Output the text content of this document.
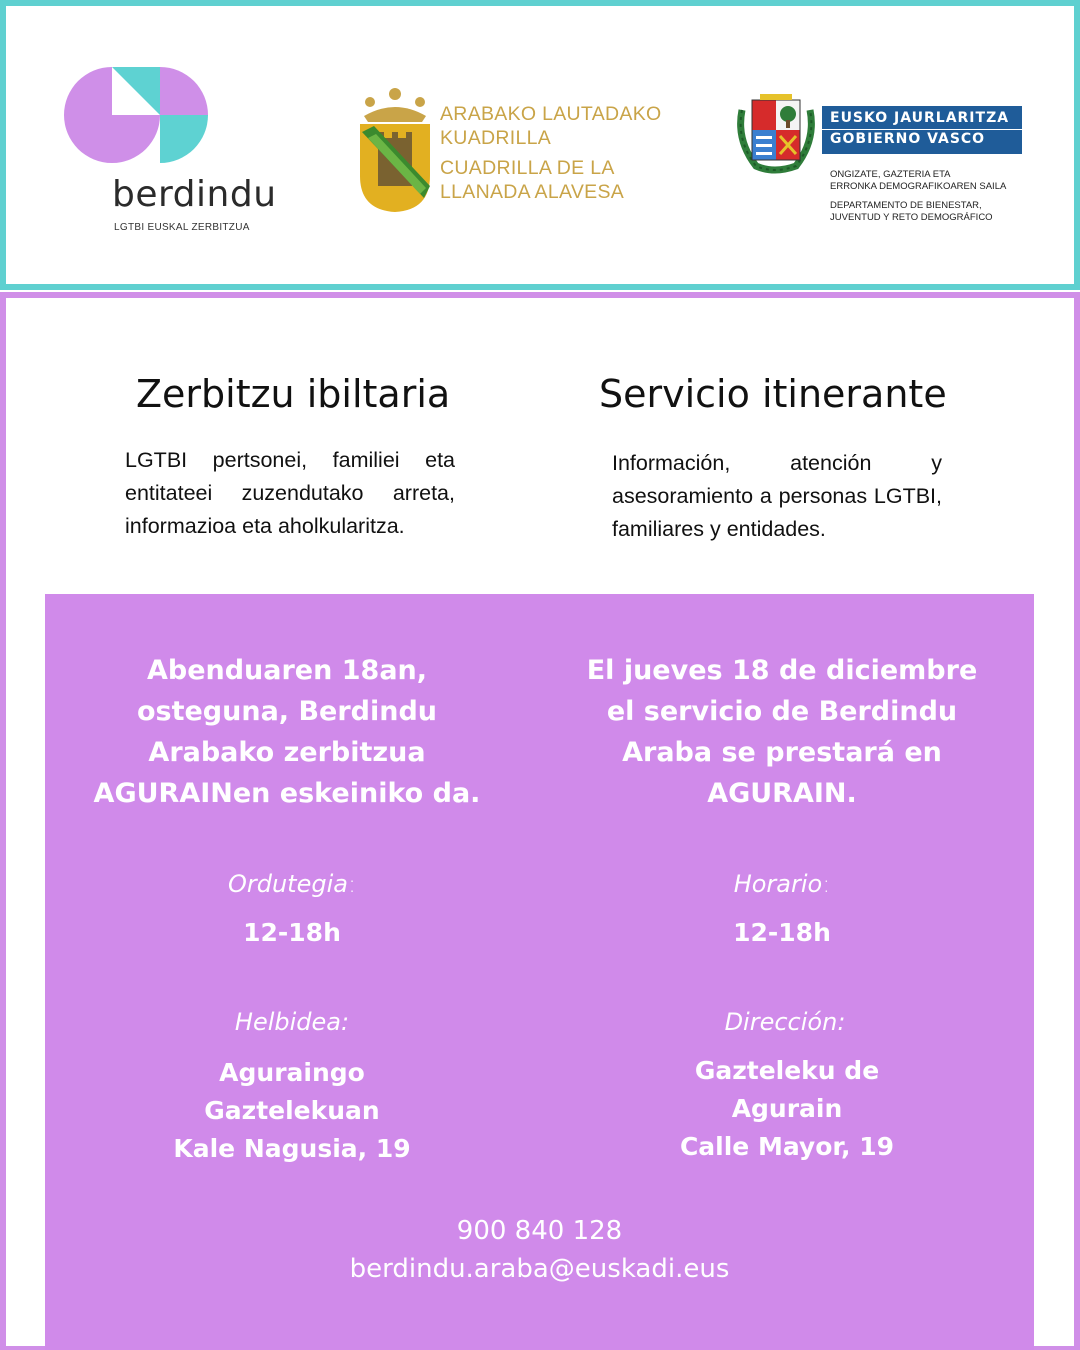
berdindu
LGTBI EUSKAL ZERBITZUA
ARABAKO LAUTADAKO
KUADRILLA
CUADRILLA DE LA
LLANADA ALAVESA
EUSKO JAURLARITZA
GOBIERNO VASCO
ONGIZATE, GAZTERIA ETA
ERRONKA DEMOGRAFIKOAREN SAILA
DEPARTAMENTO DE BIENESTAR,
JUVENTUD Y RETO DEMOGRÁFICO
Zerbitzu ibiltaria
LGTBI pertsonei, familiei eta entitateei zuzendutako arreta, informazioa eta aholkularitza.
Servicio itinerante
Información, atención y asesoramiento a personas LGTBI, familiares y entidades.
Abenduaren 18an,
osteguna, Berdindu
Arabako zerbitzua
AGURAINen eskeiniko da.
Ordutegia:
12-18h
Helbidea:
Aguraingo
Gaztelekuan
Kale Nagusia, 19
El jueves 18 de diciembre
el servicio de Berdindu
Araba se prestará en
AGURAIN.
Horario:
12-18h
Dirección:
Gazteleku de
Agurain
Calle Mayor, 19
900 840 128
berdindu.araba@euskadi.eus
